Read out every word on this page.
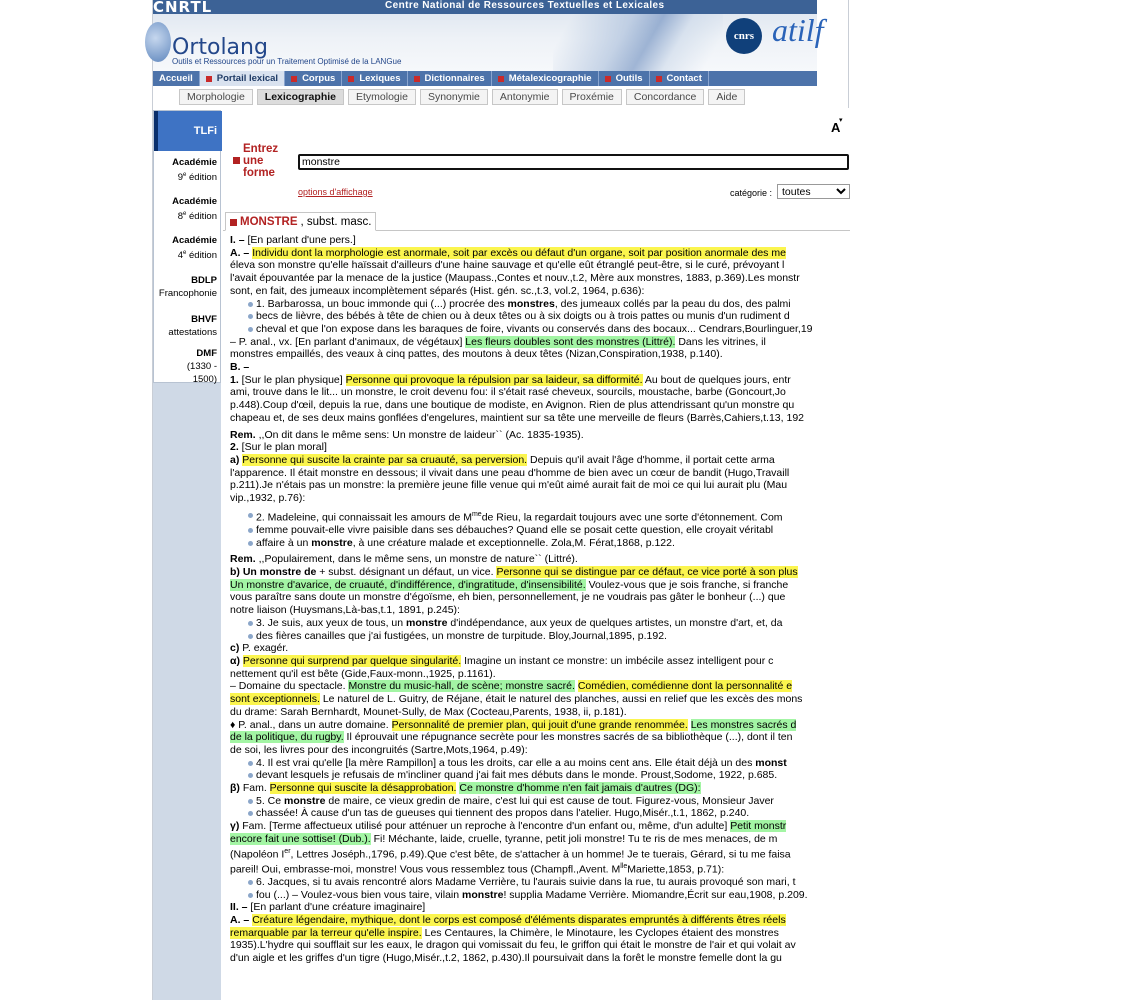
CNRTL	Centre National de Ressources Textuelles et Lexicales
Ortolang
Outils et Ressources pour un Traitement Optimisé de la LANGue
cnrs atilf
Accueil	Portail lexical	Corpus	Lexiques	Dictionnaires	Métalexicographie	Outils	Contact
Morphologie	Lexicographie	Etymologie	Synonymie	Antonymie	Proxémie	Concordance	Aide
TLFi
Académie
9e édition
Académie
8e édition
Académie
4e édition
BDLP
Francophonie
BHVF
attestations
DMF
(1330 -
1500)
▾
A
Entrez
une
forme
monstre
options d'affichage	catégorie :
toutes
MONSTRE , subst. masc.

I. – [En parlant d'une pers.]

A. – Individu dont la morphologie est anormale, soit par excès ou défaut d'un organe, soit par position anormale des me

éleva son monstre qu'elle haïssait d'ailleurs d'une haine sauvage et qu'elle eût étranglé peut-être, si le curé, prévoyant l

l'avait épouvantée par la menace de la justice (Maupass.,Contes et nouv.,t.2, Mère aux monstres, 1883, p.369).Les monstr

sont, en fait, des jumeaux incomplètement séparés (Hist. gén. sc.,t.3, vol.2, 1964, p.636):

1. Barbarossa, un bouc immonde qui (...) procrée des monstres, des jumeaux collés par la peau du dos, des palmi

becs de lièvre, des bébés à tête de chien ou à deux têtes ou à six doigts ou à trois pattes ou munis d'un rudiment d

cheval et que l'on expose dans les baraques de foire, vivants ou conservés dans des bocaux... Cendrars,Bourlinguer,19

– P. anal., vx. [En parlant d'animaux, de végétaux] Les fleurs doubles sont des monstres (Littré). Dans les vitrines, il

monstres empaillés, des veaux à cinq pattes, des moutons à deux têtes (Nizan,Conspiration,1938, p.140).

B. –

1. [Sur le plan physique] Personne qui provoque la répulsion par sa laideur, sa difformité. Au bout de quelques jours, entr

ami, trouve dans le lit... un monstre, le croit devenu fou: il s'était rasé cheveux, sourcils, moustache, barbe (Goncourt,Jo

p.448).Coup d'œil, depuis la rue, dans une boutique de modiste, en Avignon. Rien de plus attendrissant qu'un monstre qu

chapeau et, de ses deux mains gonflées d'engelures, maintient sur sa tête une merveille de fleurs (Barrès,Cahiers,t.13, 192

Rem. ,,On dit dans le même sens: Un monstre de laideur`` (Ac. 1835-1935).

2. [Sur le plan moral]

a) Personne qui suscite la crainte par sa cruauté, sa perversion. Depuis qu'il avait l'âge d'homme, il portait cette arma

l'apparence. Il était monstre en dessous; il vivait dans une peau d'homme de bien avec un cœur de bandit (Hugo,Travaill

p.211).Je n'étais pas un monstre: la première jeune fille venue qui m'eût aimé aurait fait de moi ce qui lui aurait plu (Mau

vip.,1932, p.76):

2. Madeleine, qui connaissait les amours de $M^{me}de$ Rieu, la regardait toujours avec une sorte d'étonnement. Com

femme pouvait-elle vivre paisible dans ses débauches? Quand elle se posait cette question, elle croyait véritabl

affaire à un monstre, à une créature malade et exceptionnelle. Zola,M. Férat,1868, p.122.

Rem. ,,Populairement, dans le même sens, un monstre de nature`` (Littré).

b) Un monstre de + subst. désignant un défaut, un vice. Personne qui se distingue par ce défaut, ce vice porté à son plus

Un monstre d'avarice, de cruauté, d'indifférence, d'ingratitude, d'insensibilité. Voulez-vous que je sois franche, si franche

vous paraître sans doute un monstre d'égoïsme, eh bien, personnellement, je ne voudrais pas gâter le bonheur (...) que

notre liaison (Huysmans,Là-bas,t.1, 1891, p.245):

3. Je suis, aux yeux de tous, un monstre d'indépendance, aux yeux de quelques artistes, un monstre d'art, et, da

des fières canailles que j'ai fustigées, un monstre de turpitude. Bloy,Journal,1895, p.192.

c) P. exagér.

α) Personne qui surprend par quelque singularité. Imagine un instant ce monstre: un imbécile assez intelligent pour c

nettement qu'il est bête (Gide,Faux-monn.,1925, p.1161).

– Domaine du spectacle. Monstre du music-hall, de scène; monstre sacré. Comédien, comédienne dont la personnalité e

sont exceptionnels. Le naturel de L. Guitry, de Réjane, était le naturel des planches, aussi en relief que les excès des mons

du drame: Sarah Bernhardt, Mounet-Sully, de Max (Cocteau,Parents, 1938, ii, p.181).

♦ P. anal., dans un autre domaine. Personnalité de premier plan, qui jouit d'une grande renommée. Les monstres sacrés d

de la politique, du rugby. Il éprouvait une répugnance secrète pour les monstres sacrés de sa bibliothèque (...), dont il ten

de soi, les livres pour des incongruités (Sartre,Mots,1964, p.49):

4. Il est vrai qu'elle [la mère Rampillon] a tous les droits, car elle a au moins cent ans. Elle était déjà un des monst

devant lesquels je refusais de m'incliner quand j'ai fait mes débuts dans le monde. Proust,Sodome, 1922, p.685.

β) Fam. Personne qui suscite la désapprobation. Ce monstre d'homme n'en fait jamais d'autres (DG):

5. Ce monstre de maire, ce vieux gredin de maire, c'est lui qui est cause de tout. Figurez-vous, Monsieur Javer

chassée! À cause d'un tas de gueuses qui tiennent des propos dans l'atelier. Hugo,Misér.,t.1, 1862, p.240.

γ) Fam. [Terme affectueux utilisé pour atténuer un reproche à l'encontre d'un enfant ou, même, d'un adulte] Petit monstr

encore fait une sottise! (Dub.). Fi! Méchante, laide, cruelle, tyranne, petit joli monstre! Tu te ris de mes menaces, de m

(Napoléon Ier, Lettres Joséph.,1796, p.49).Que c'est bête, de s'attacher à un homme! Je te tuerais, Gérard, si tu me faisa

pareil! Oui, embrasse-moi, monstre! Vous vous ressemblez tous (Champfl.,Avent. $M^{lle}Mariette,1853$, p.71):

6. Jacques, si tu avais rencontré alors Madame Verrière, tu l'aurais suivie dans la rue, tu aurais provoqué son mari, t

fou (...) – Voulez-vous bien vous taire, vilain monstre! supplia Madame Verrière. Miomandre,Écrit sur eau,1908, p.209.

II. – [En parlant d'une créature imaginaire]

A. – Créature légendaire, mythique, dont le corps est composé d'éléments disparates empruntés à différents êtres réels

remarquable par la terreur qu'elle inspire. Les Centaures, la Chimère, le Minotaure, les Cyclopes étaient des monstres

1935).L'hydre qui soufflait sur les eaux, le dragon qui vomissait du feu, le griffon qui était le monstre de l'air et qui volait av

d'un aigle et les griffes d'un tigre (Hugo,Misér.,t.2, 1862, p.430).Il poursuivait dans la forêt le monstre femelle dont la gu
